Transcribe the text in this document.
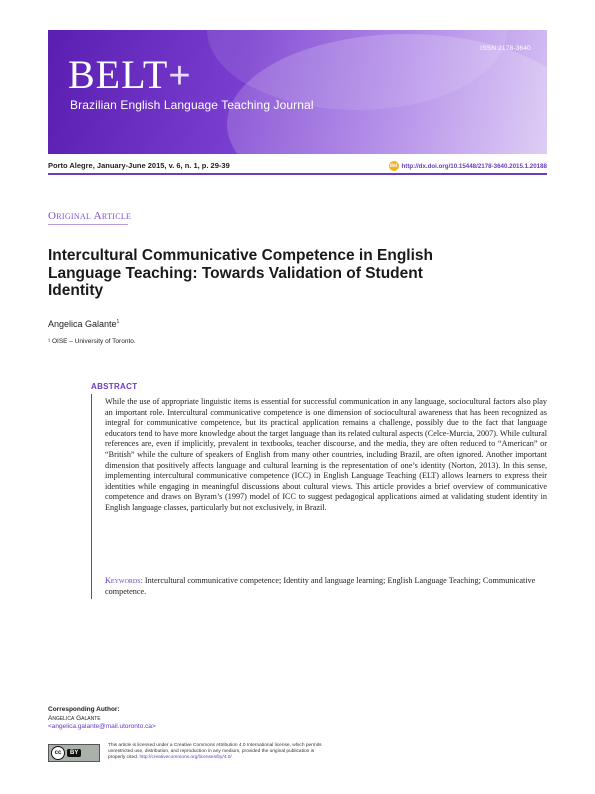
ISSN 2178-3640
BELT+
Brazilian English Language Teaching Journal
Porto Alegre, January-June 2015, v. 6, n. 1, p. 29-39	doi http://dx.doi.org/10.15448/2178-3640.2015.1.20188
Original Article
Intercultural Communicative Competence in English Language Teaching: Towards Validation of Student Identity
Angelica Galante$^1$
¹ OISE – University of Toronto.
ABSTRACT

While the use of appropriate linguistic items is essential for successful communication in any language, sociocultural factors also play an important role. Intercultural communicative competence is one dimension of sociocultural awareness that has been recognized as integral for communicative competence, but its practical application remains a challenge, possibly due to the fact that language educators tend to have more knowledge about the target language than its related cultural aspects (Celce-Murcia, 2007). While cultural references are, even if implicitly, prevalent in textbooks, teacher discourse, and the media, they are often reduced to “American” or “British” while the culture of speakers of English from many other countries, including Brazil, are often ignored. Another important dimension that positively affects language and cultural learning is the representation of one’s identity (Norton, 2013). In this sense, implementing intercultural communicative competence (ICC) in English Language Teaching (ELT) allows learners to express their identities while engaging in meaningful discussions about cultural views. This article provides a brief overview of communicative competence and draws on Byram’s (1997) model of ICC to suggest pedagogical applications aimed at validating student identity in English language classes, particularly but not exclusively, in Brazil.

Keywords: Intercultural communicative competence; Identity and language learning; English Language Teaching; Communicative competence.

Corresponding Author:
Angelica Galante
<angelica.galante@mail.utoronto.ca>
cc	BY
This article is licensed under a Creative Commons Attribution 4.0 International license, which permits unrestricted use, distribution, and reproduction in any medium, provided the original publication is properly cited. http://creativecommons.org/licenses/by/4.0/
